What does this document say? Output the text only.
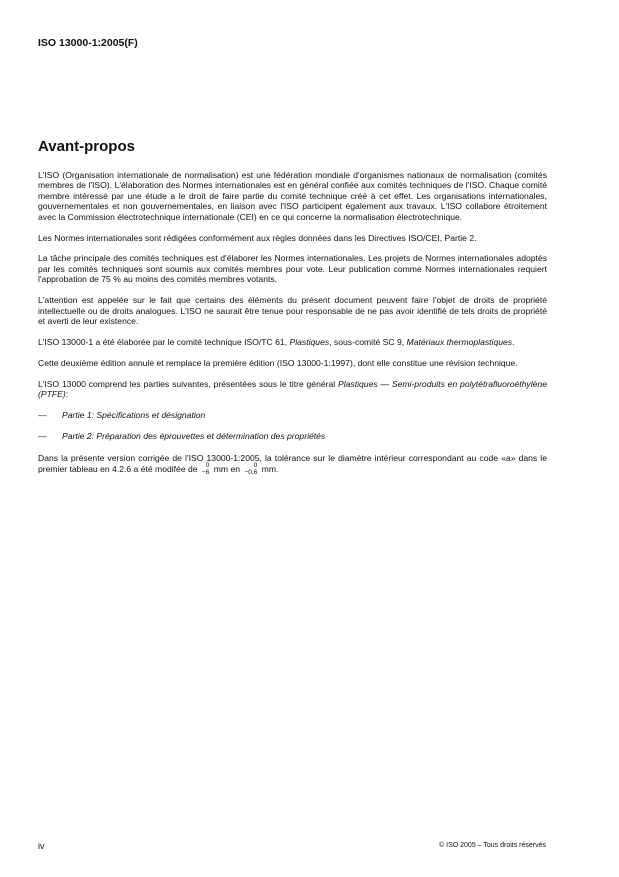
ISO 13000-1:2005(F)
Avant-propos

L'ISO (Organisation internationale de normalisation) est une fédération mondiale d'organismes nationaux de normalisation (comités membres de l'ISO). L'élaboration des Normes internationales est en général confiée aux comités techniques de l'ISO. Chaque comité membre intéressé par une étude a le droit de faire partie du comité technique créé à cet effet. Les organisations internationales, gouvernementales et non gouvernementales, en liaison avec l'ISO participent également aux travaux. L'ISO collabore étroitement avec la Commission électrotechnique internationale (CEI) en ce qui concerne la normalisation électrotechnique.

Les Normes internationales sont rédigées conformément aux règles données dans les Directives ISO/CEI, Partie 2.

La tâche principale des comités techniques est d'élaborer les Normes internationales. Les projets de Normes internationales adoptés par les comités techniques sont soumis aux comités membres pour vote. Leur publication comme Normes internationales requiert l'approbation de 75 % au moins des comités membres votants.

L'attention est appelée sur le fait que certains des éléments du présent document peuvent faire l'objet de droits de propriété intellectuelle ou de droits analogues. L'ISO ne saurait être tenue pour responsable de ne pas avoir identifié de tels droits de propriété et averti de leur existence.

L'ISO 13000-1 a été élaborée par le comité technique ISO/TC 61, Plastiques, sous-comité SC 9, Matériaux thermoplastiques.

Cette deuxième édition annule et remplace la première édition (ISO 13000-1:1997), dont elle constitue une révision technique.

L'ISO 13000 comprend les parties suivantes, présentées sous le titre général Plastiques — Semi-produits en polytétrafluoroéthylène (PTFE):

—	Partie 1: Spécifications et désignation

—	Partie 2: Préparation des éprouvettes et détermination des propriétés

Dans la présente version corrigée de l'ISO 13000-1:2005, la tolérance sur le diamètre intérieur correspondant au code «a» dans le premier tableau en 4.2.6 a été modifée de 0
−6 mm en	0
−0,6 mm.

iv	© ISO 2005 – Tous droits réservés
